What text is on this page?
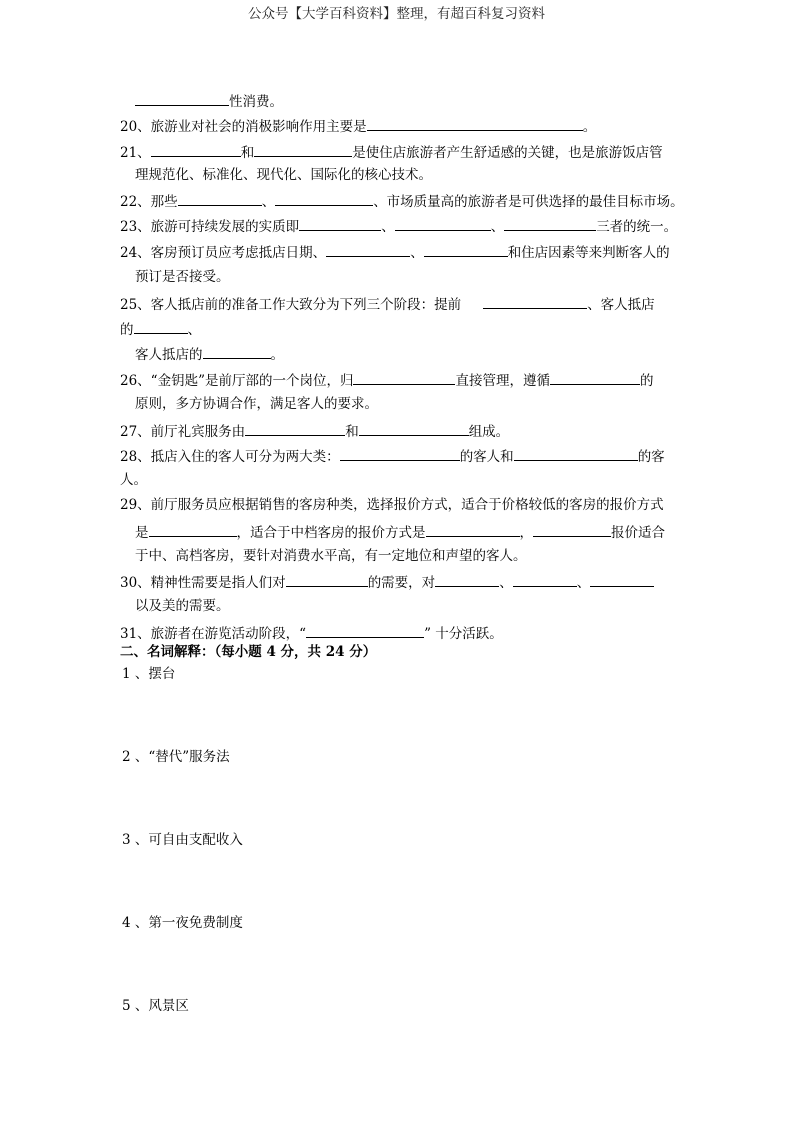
公众号【大学百科资料】整理，有超百科复习资料
性消费。
20、旅游业对社会的消极影响作用主要是	。
21、	和	是使住店旅游者产生舒适感的关键，也是旅游饭店管
理规范化、标准化、现代化、国际化的核心技术。
22、那些	、	、市场质量高的旅游者是可供选择的最佳目标市场。
23、旅游可持续发展的实质即	、	、	三者的统一。
24、客房预订员应考虑抵店日期、	、	和住店因素等来判断客人的
预订是否接受。
25、客人抵店前的准备工作大致分为下列三个阶段：提前	、客人抵店
的	、
客人抵店的	。
26、“金钥匙”是前厅部的一个岗位，归	直接管理，遵循	的
原则，多方协调合作，满足客人的要求。
27、前厅礼宾服务由	和	组成。
28、抵店入住的客人可分为两大类：	的客人和	的客
人。
29、前厅服务员应根据销售的客房种类，选择报价方式，适合于价格较低的客房的报价方式
是	，适合于中档客房的报价方式是	，	报价适合
于中、高档客房，要针对消费水平高，有一定地位和声望的客人。
30、精神性需要是指人们对	的需要，对	、	、
以及美的需要。
31、旅游者在游览活动阶段，“	” 十分活跃。
二、名词解释：（每小题 4 分，共 24 分）
1 、摆台
2 、“替代”服务法
3 、可自由支配收入
4 、第一夜免费制度
5 、风景区
